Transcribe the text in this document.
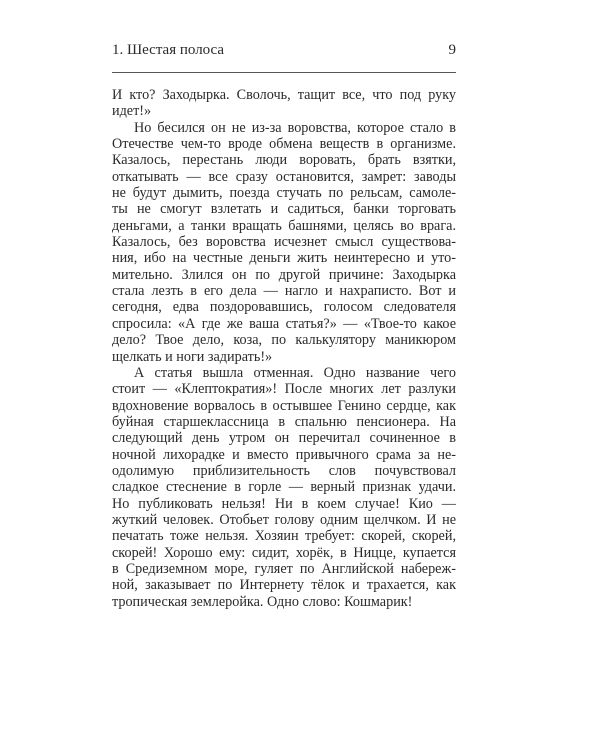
1. Шестая полоса	9
И кто? Заходырка. Сволочь, тащит все, что под руку
идет!»
Но бесился он не из-за воровства, которое стало в
Отечестве чем-то вроде обмена веществ в организме.
Казалось, перестань люди воровать, брать взятки,
откатывать — все сразу остановится, замрет: заводы
не будут дымить, поезда стучать по рельсам, самоле-
ты не смогут взлетать и садиться, банки торговать
деньгами, а танки вращать башнями, целясь во врага.
Казалось, без воровства исчезнет смысл существова-
ния, ибо на честные деньги жить неинтересно и уто-
мительно. Злился он по другой причине: Заходырка
стала лезть в его дела — нагло и нахраписто. Вот и
сегодня, едва поздоровавшись, голосом следователя
спросила: «А где же ваша статья?» — «Твое-то какое
дело? Твое дело, коза, по калькулятору маникюром
щелкать и ноги задирать!»
А статья вышла отменная. Одно название чего
стоит — «Клептократия»! После многих лет разлуки
вдохновение ворвалось в остывшее Генино сердце, как
буйная старшеклассница в спальню пенсионера. На
следующий день утром он перечитал сочиненное в
ночной лихорадке и вместо привычного срама за не-
одолимую приблизительность слов почувствовал
сладкое стеснение в горле — верный признак удачи.
Но публиковать нельзя! Ни в коем случае! Кио —
жуткий человек. Отобьет голову одним щелчком. И не
печатать тоже нельзя. Хозяин требует: скорей, скорей,
скорей! Хорошо ему: сидит, хорёк, в Ницце, купается
в Средиземном море, гуляет по Английской набереж-
ной, заказывает по Интернету тёлок и трахается, как
тропическая землеройка. Одно слово: Кошмарик!
